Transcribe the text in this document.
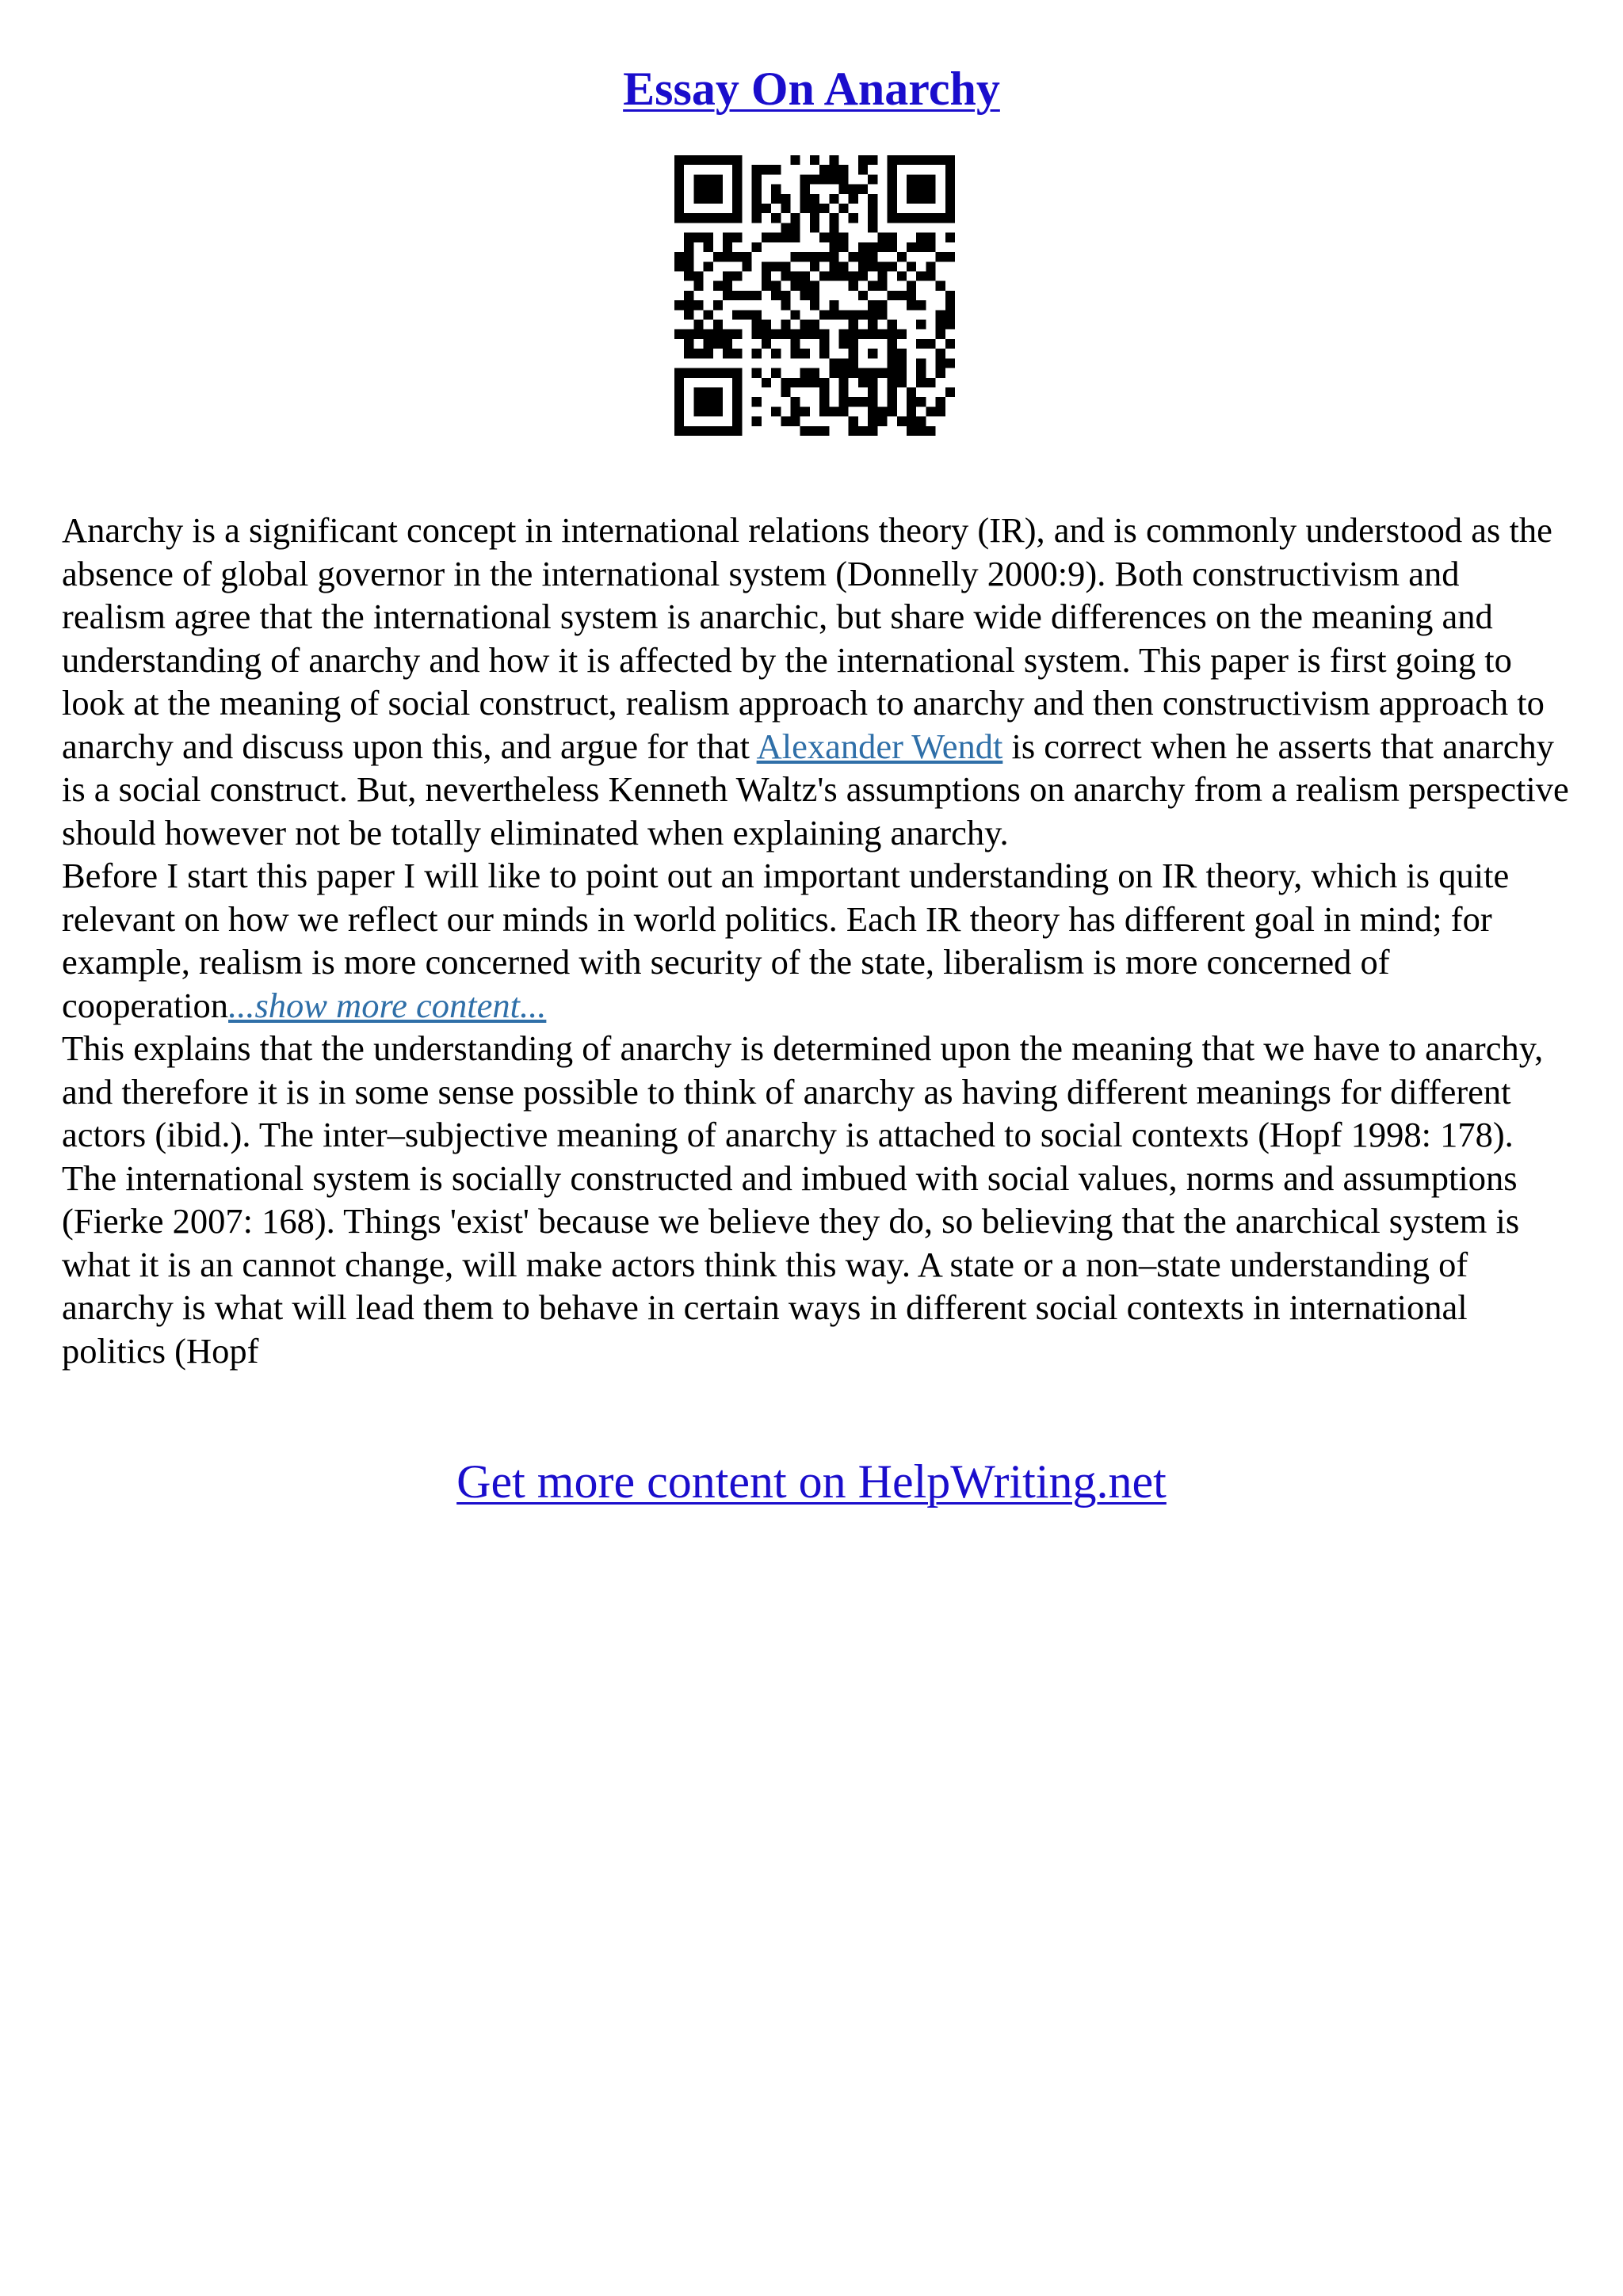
Essay On Anarchy

Anarchy is a significant concept in international relations theory (IR), and is commonly understood as the absence of global governor in the international system (Donnelly 2000:9). Both constructivism and realism agree that the international system is anarchic, but share wide differences on the meaning and understanding of anarchy and how it is affected by the international system. This paper is first going to look at the meaning of social construct, realism approach to anarchy and then constructivism approach to anarchy and discuss upon this, and argue for that Alexander Wendt is correct when he asserts that anarchy is a social construct. But, nevertheless Kenneth Waltz's assumptions on anarchy from a realism perspective should however not be totally eliminated when explaining anarchy.

Before I start this paper I will like to point out an important understanding on IR theory, which is quite relevant on how we reflect our minds in world politics. Each IR theory has different goal in mind; for example, realism is more concerned with security of the state, liberalism is more concerned of cooperation...show more content...

This explains that the understanding of anarchy is determined upon the meaning that we have to anarchy, and therefore it is in some sense possible to think of anarchy as having different meanings for different actors (ibid.). The inter–subjective meaning of anarchy is attached to social contexts (Hopf 1998: 178). The international system is socially constructed and imbued with social values, norms and assumptions (Fierke 2007: 168). Things 'exist' because we believe they do, so believing that the anarchical system is what it is an cannot change, will make actors think this way. A state or a non–state understanding of anarchy is what will lead them to behave in certain ways in different social contexts in international politics (Hopf

Get more content on HelpWriting.net
